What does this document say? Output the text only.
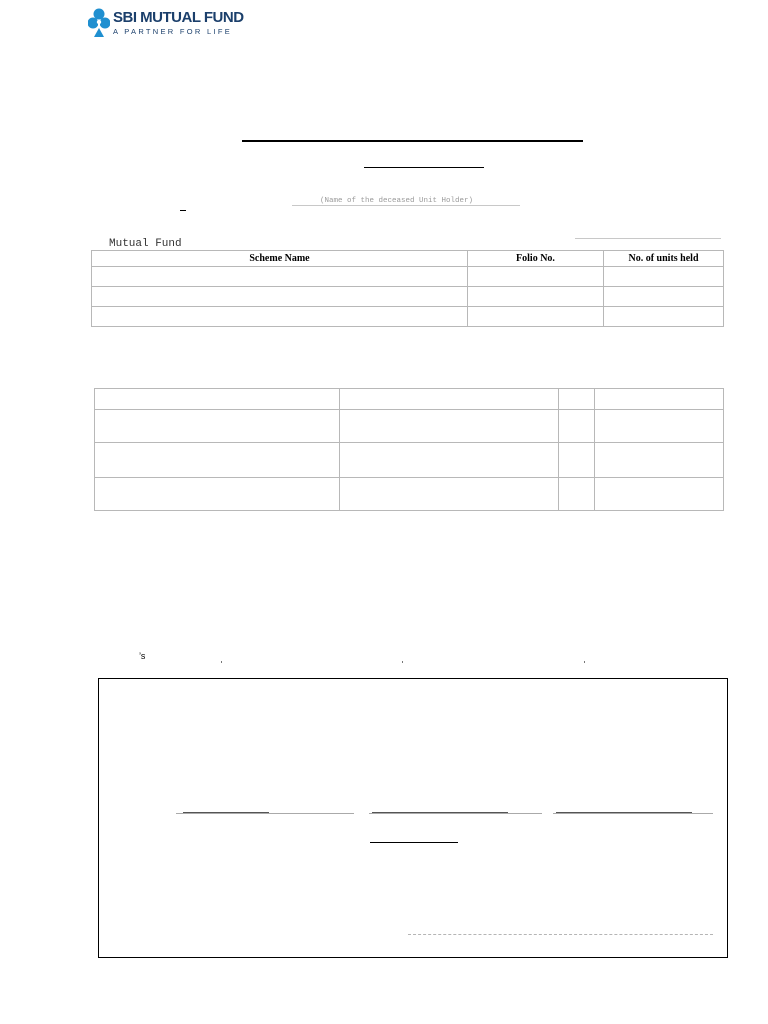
SBI MUTUAL FUND
A PARTNER FOR LIFE
(Name of the deceased Unit Holder)
Mutual Fund
Scheme Name	Folio No.	No. of units held

’s
